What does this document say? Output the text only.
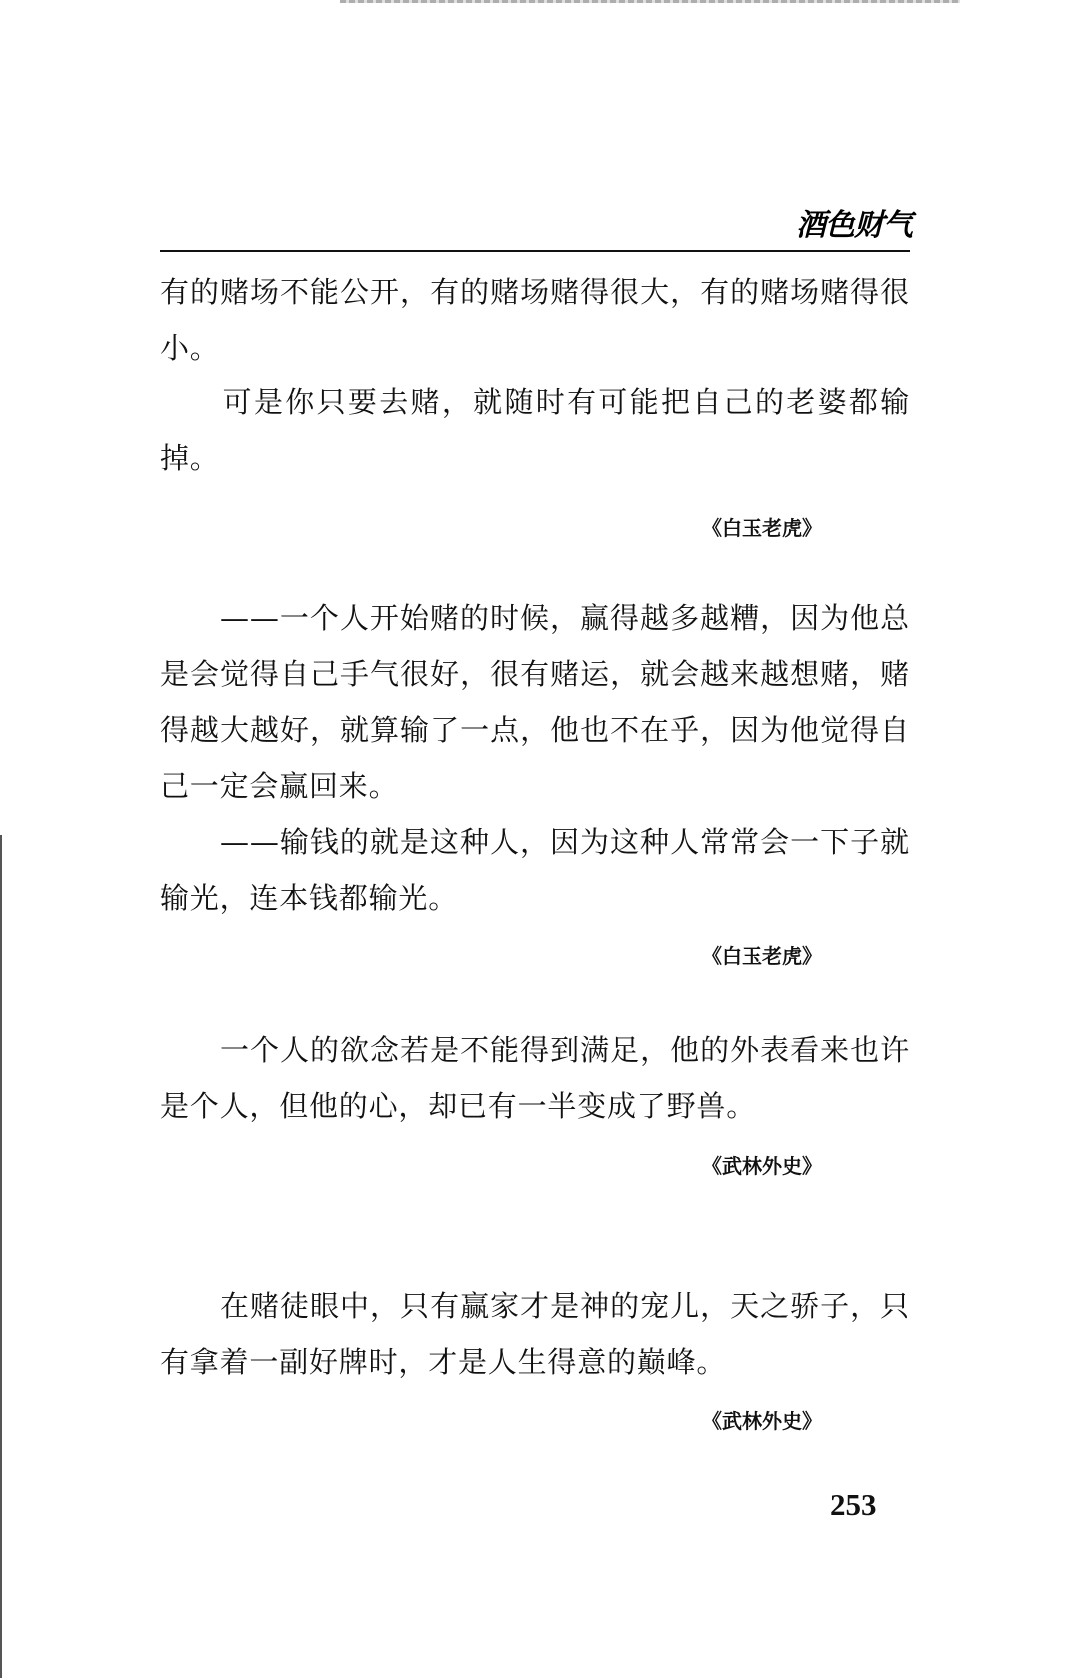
酒色财气

有的赌场不能公开，有的赌场赌得很大，有的赌场赌得很小。

　　可是你只要去赌，就随时有可能把自己的老婆都输掉。

《白玉老虎》

　　——一个人开始赌的时候，赢得越多越糟，因为他总是会觉得自己手气很好，很有赌运，就会越来越想赌，赌得越大越好，就算输了一点，他也不在乎，因为他觉得自己一定会赢回来。

　　——输钱的就是这种人，因为这种人常常会一下子就输光，连本钱都输光。

《白玉老虎》

　　一个人的欲念若是不能得到满足，他的外表看来也许是个人，但他的心，却已有一半变成了野兽。

《武林外史》

　　在赌徒眼中，只有赢家才是神的宠儿，天之骄子，只有拿着一副好牌时，才是人生得意的巅峰。

《武林外史》
253
